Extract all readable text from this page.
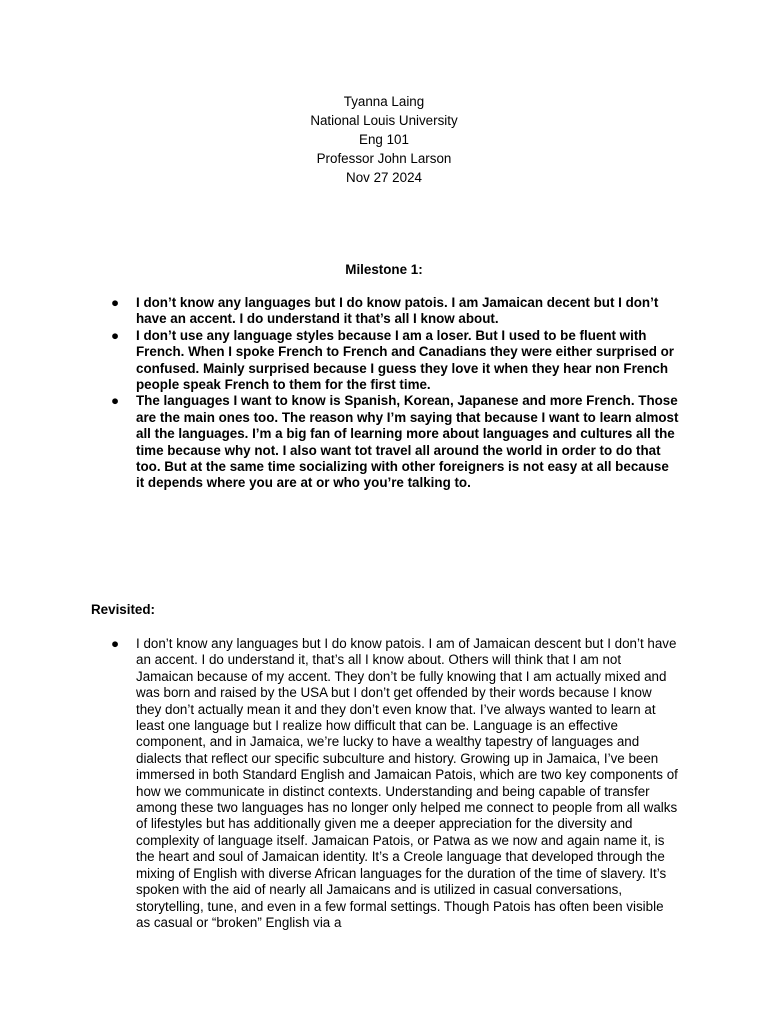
Tyanna Laing
National Louis University
Eng 101
Professor John Larson
Nov 27 2024
Milestone 1:
● I don’t know any languages but I do know patois. I am Jamaican decent but I don’t have an accent. I do understand it that’s all I know about.
● I don’t use any language styles because I am a loser. But I used to be fluent with French. When I spoke French to French and Canadians they were either surprised or confused. Mainly surprised because I guess they love it when they hear non French people speak French to them for the first time.
● The languages I want to know is Spanish, Korean, Japanese and more French. Those are the main ones too. The reason why I’m saying that because I want to learn almost all the languages. I’m a big fan of learning more about languages and cultures all the time because why not. I also want tot travel all around the world in order to do that too. But at the same time socializing with other foreigners is not easy at all because it depends where you are at or who you’re talking to.
Revisited:
● I don’t know any languages but I do know patois. I am of Jamaican descent but I don’t have an accent. I do understand it, that’s all I know about. Others will think that I am not Jamaican because of my accent. They don’t be fully knowing that I am actually mixed and was born and raised by the USA but I don’t get offended by their words because I know they don’t actually mean it and they don’t even know that. I’ve always wanted to learn at least one language but I realize how difficult that can be. Language is an effective component, and in Jamaica, we’re lucky to have a wealthy tapestry of languages and dialects that reflect our specific subculture and history. Growing up in Jamaica, I’ve been immersed in both Standard English and Jamaican Patois, which are two key components of how we communicate in distinct contexts. Understanding and being capable of transfer among these two languages has no longer only helped me connect to people from all walks of lifestyles but has additionally given me a deeper appreciation for the diversity and complexity of language itself. Jamaican Patois, or Patwa as we now and again name it, is the heart and soul of Jamaican identity. It’s a Creole language that developed through the mixing of English with diverse African languages for the duration of the time of slavery. It’s spoken with the aid of nearly all Jamaicans and is utilized in casual conversations, storytelling, tune, and even in a few formal settings. Though Patois has often been visible as casual or “broken” English via a
